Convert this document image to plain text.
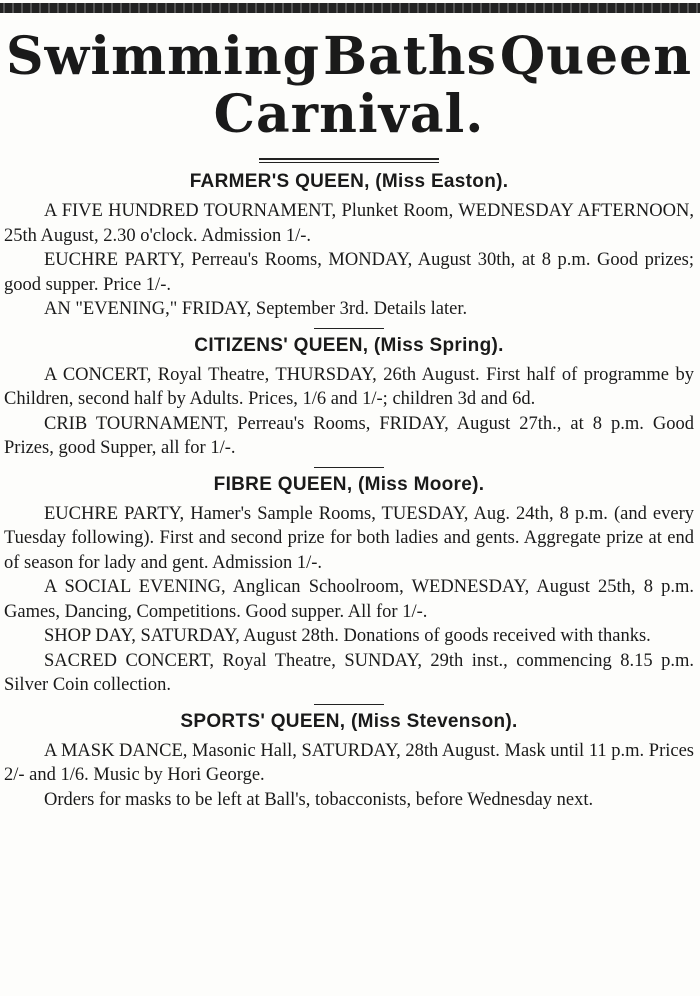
Swimming Baths Queen
Carnival.
FARMER'S QUEEN, (Miss Easton).

A FIVE HUNDRED TOURNAMENT, Plunket Room, WEDNESDAY AFTERNOON, 25th August, 2.30 o'clock. Admission 1/-.

EUCHRE PARTY, Perreau's Rooms, MONDAY, August 30th, at 8 p.m. Good prizes; good supper. Price 1/-.

AN "EVENING," FRIDAY, September 3rd. Details later.

CITIZENS' QUEEN, (Miss Spring).

A CONCERT, Royal Theatre, THURSDAY, 26th August. First half of programme by Children, second half by Adults. Prices, 1/6 and 1/-; children 3d and 6d.

CRIB TOURNAMENT, Perreau's Rooms, FRIDAY, August 27th., at 8 p.m. Good Prizes, good Supper, all for 1/-.

FIBRE QUEEN, (Miss Moore).

EUCHRE PARTY, Hamer's Sample Rooms, TUESDAY, Aug. 24th, 8 p.m. (and every Tuesday following). First and second prize for both ladies and gents. Aggregate prize at end of season for lady and gent. Admission 1/-.

A SOCIAL EVENING, Anglican Schoolroom, WEDNESDAY, August 25th, 8 p.m. Games, Dancing, Competitions. Good supper. All for 1/-.

SHOP DAY, SATURDAY, August 28th. Donations of goods received with thanks.

SACRED CONCERT, Royal Theatre, SUNDAY, 29th inst., commencing 8.15 p.m. Silver Coin collection.

SPORTS' QUEEN, (Miss Stevenson).

A MASK DANCE, Masonic Hall, SATURDAY, 28th August. Mask until 11 p.m. Prices 2/- and 1/6. Music by Hori George.

Orders for masks to be left at Ball's, tobacconists, before Wednesday next.
